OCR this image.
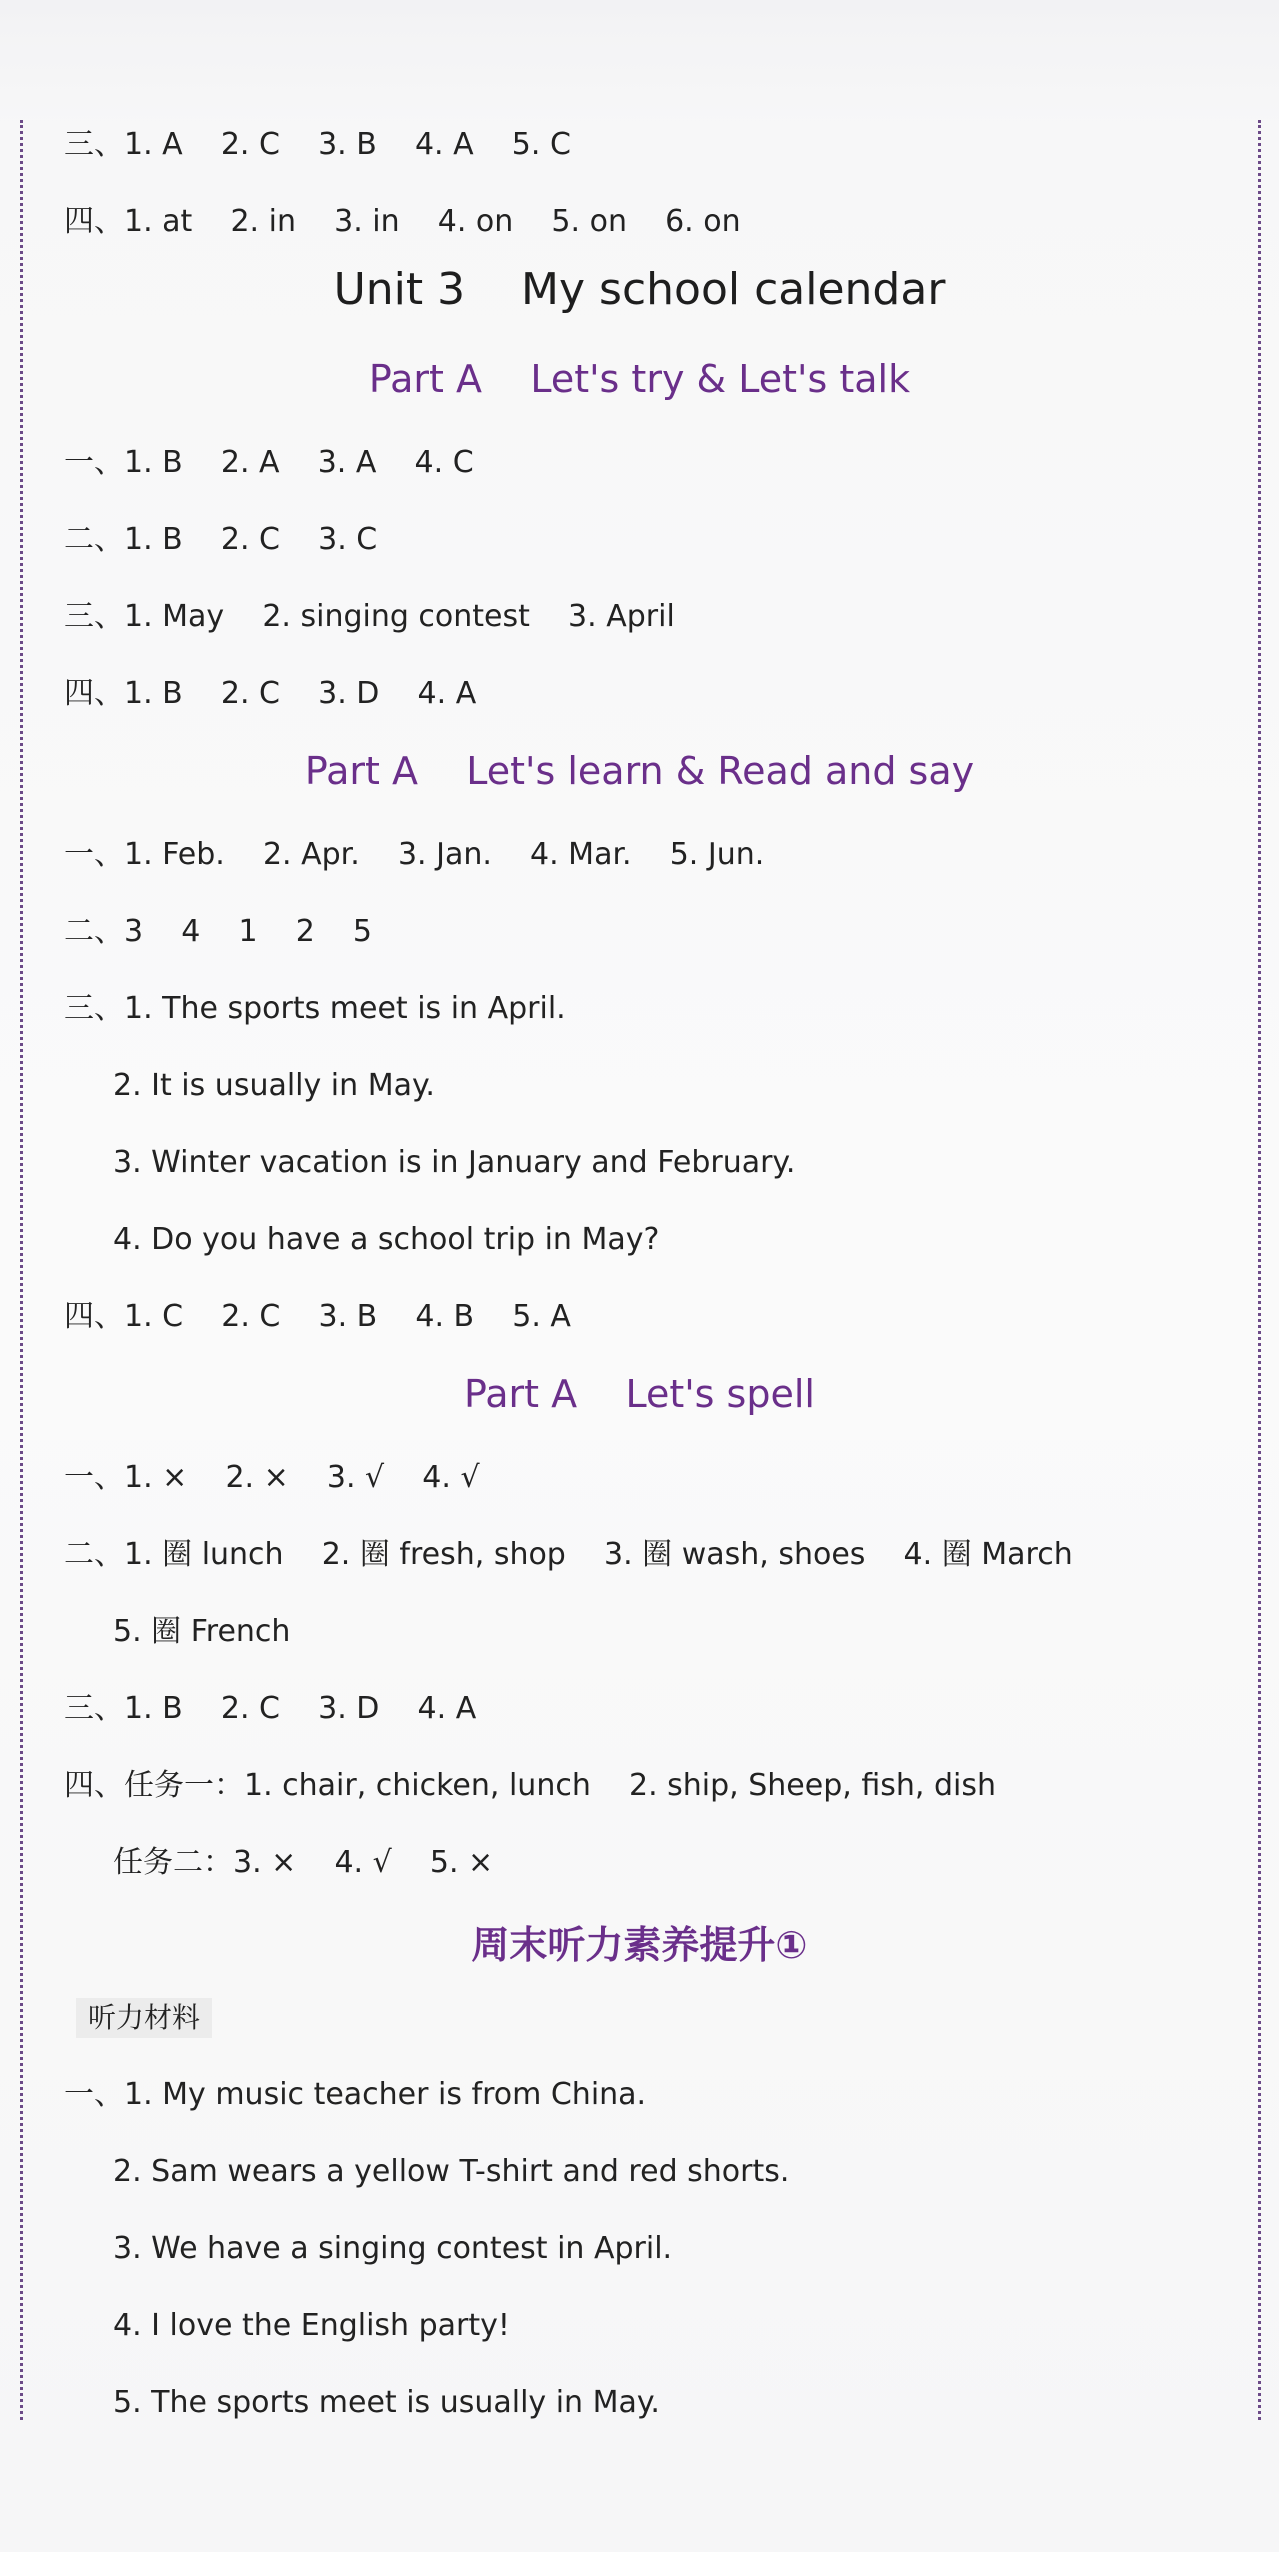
三、1. A    2. C    3. B    4. A    5. C
四、1. at    2. in    3. in    4. on    5. on    6. on
Unit 3    My school calendar
Part A    Let's try & Let's talk
一、1. B    2. A    3. A    4. C
二、1. B    2. C    3. C
三、1. May    2. singing contest    3. April
四、1. B    2. C    3. D    4. A
Part A    Let's learn & Read and say
一、1. Feb.    2. Apr.    3. Jan.    4. Mar.    5. Jun.
二、3    4    1    2    5
三、1. The sports meet is in April.
2. It is usually in May.
3. Winter vacation is in January and February.
4. Do you have a school trip in May?
四、1. C    2. C    3. B    4. B    5. A
Part A    Let's spell
一、1. ×    2. ×    3. √    4. √
二、1. 圈 lunch    2. 圈 fresh, shop    3. 圈 wash, shoes    4. 圈 March
5. 圈 French
三、1. B    2. C    3. D    4. A
四、任务一：1. chair, chicken, lunch    2. ship, Sheep, fish, dish
任务二：3. ×    4. √    5. ×
周末听力素养提升①
听力材料
一、1. My music teacher is from China.
2. Sam wears a yellow T-shirt and red shorts.
3. We have a singing contest in April.
4. I love the English party!
5. The sports meet is usually in May.
